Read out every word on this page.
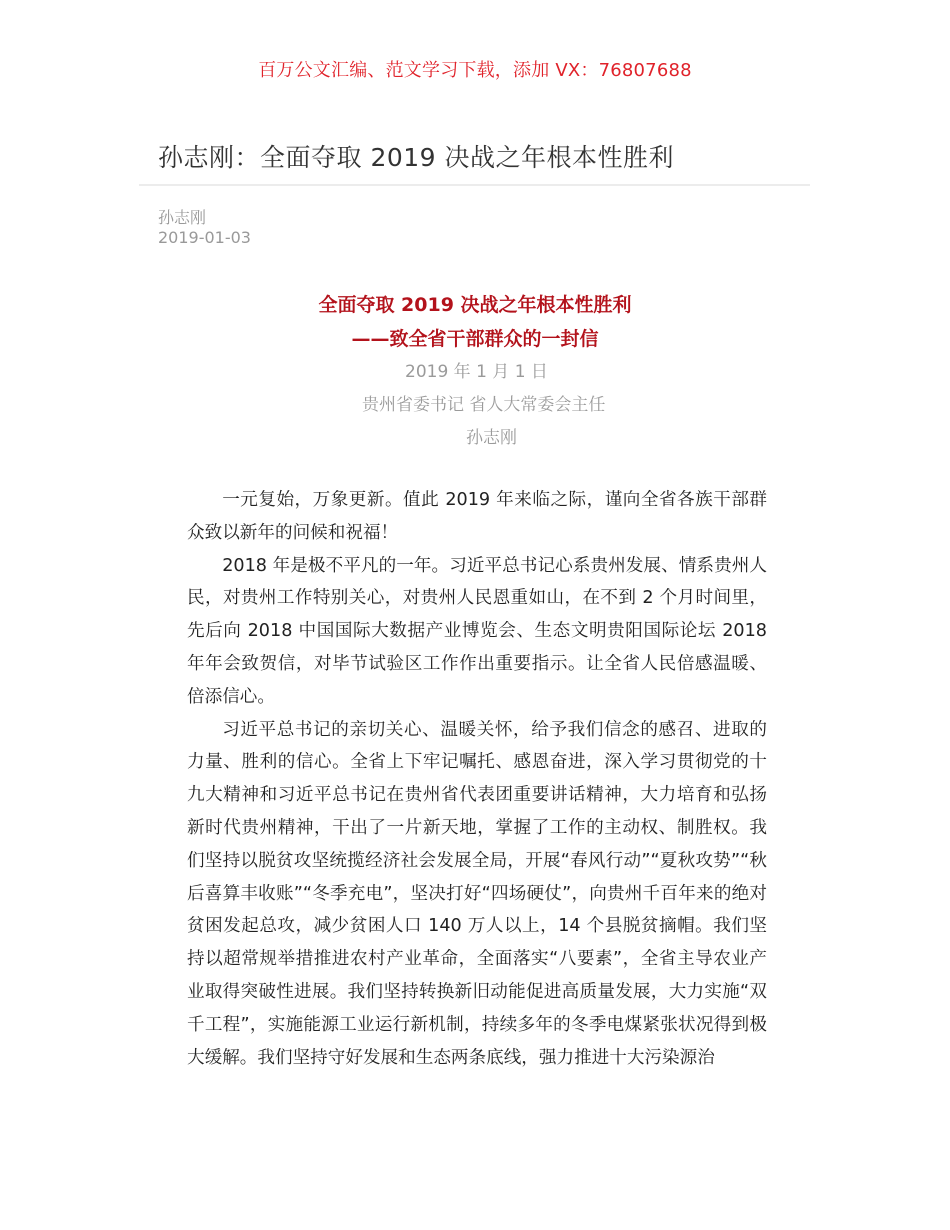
百万公文汇编、范文学习下载，添加 VX：76807688
孙志刚：全面夺取 2019 决战之年根本性胜利
孙志刚
2019-01-03
全面夺取 2019 决战之年根本性胜利
——致全省干部群众的一封信
2019 年 1 月 1 日
贵州省委书记 省人大常委会主任
孙志刚

一元复始，万象更新。值此 2019 年来临之际，谨向全省各族干部群众致以新年的问候和祝福！

2018 年是极不平凡的一年。习近平总书记心系贵州发展、情系贵州人民，对贵州工作特别关心，对贵州人民恩重如山，在不到 2 个月时间里，先后向 2018 中国国际大数据产业博览会、生态文明贵阳国际论坛 2018 年年会致贺信，对毕节试验区工作作出重要指示。让全省人民倍感温暖、倍添信心。

习近平总书记的亲切关心、温暖关怀，给予我们信念的感召、进取的力量、胜利的信心。全省上下牢记嘱托、感恩奋进，深入学习贯彻党的十九大精神和习近平总书记在贵州省代表团重要讲话精神，大力培育和弘扬新时代贵州精神，干出了一片新天地，掌握了工作的主动权、制胜权。我们坚持以脱贫攻坚统揽经济社会发展全局，开展“春风行动”“夏秋攻势”“秋后喜算丰收账”“冬季充电”，坚决打好“四场硬仗”，向贵州千百年来的绝对贫困发起总攻，减少贫困人口 140 万人以上，14 个县脱贫摘帽。我们坚持以超常规举措推进农村产业革命，全面落实“八要素”，全省主导农业产业取得突破性进展。我们坚持转换新旧动能促进高质量发展，大力实施“双千工程”，实施能源工业运行新机制，持续多年的冬季电煤紧张状况得到极大缓解。我们坚持守好发展和生态两条底线，强力推进十大污染源治
